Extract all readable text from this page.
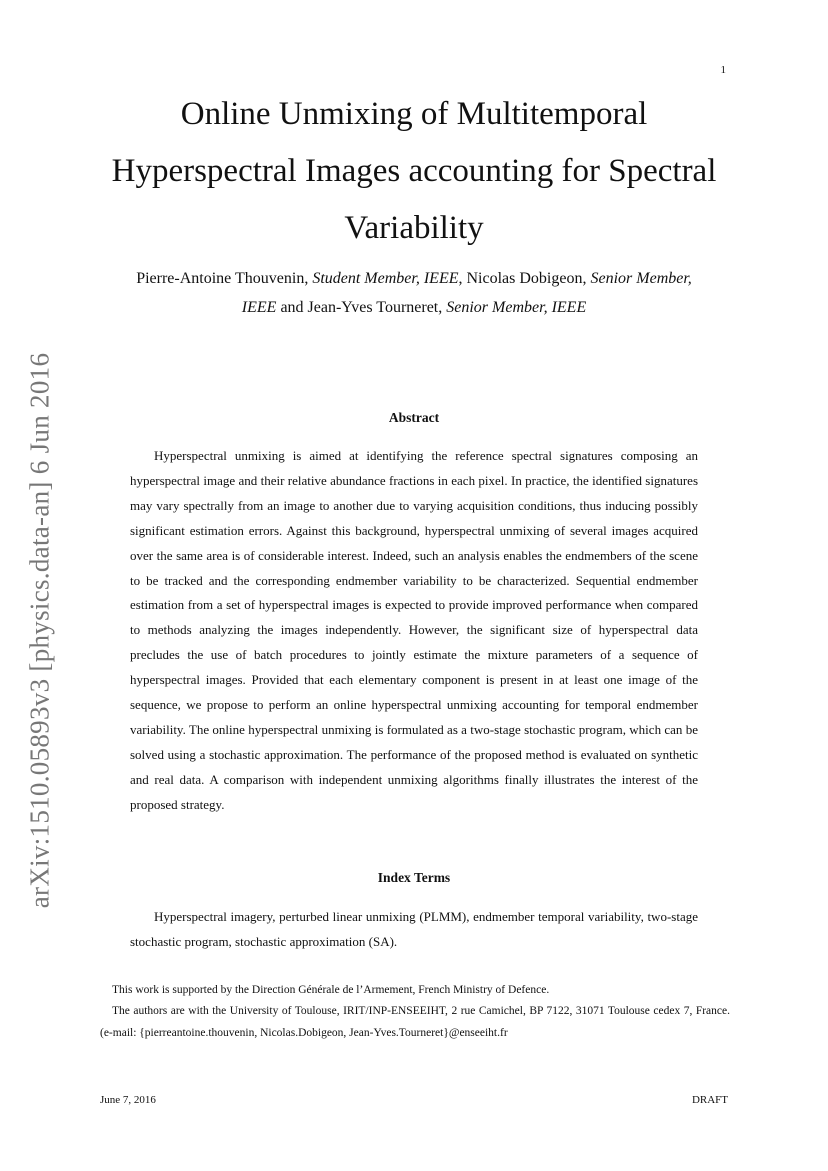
1
arXiv:1510.05893v3 [physics.data-an] 6 Jun 2016
Online Unmixing of Multitemporal Hyperspectral Images accounting for Spectral Variability
Pierre-Antoine Thouvenin, Student Member, IEEE, Nicolas Dobigeon, Senior Member, IEEE and Jean-Yves Tourneret, Senior Member, IEEE
Abstract

Hyperspectral unmixing is aimed at identifying the reference spectral signatures composing an hyperspectral image and their relative abundance fractions in each pixel. In practice, the identified signatures may vary spectrally from an image to another due to varying acquisition conditions, thus inducing possibly significant estimation errors. Against this background, hyperspectral unmixing of several images acquired over the same area is of considerable interest. Indeed, such an analysis enables the endmembers of the scene to be tracked and the corresponding endmember variability to be characterized. Sequential endmember estimation from a set of hyperspectral images is expected to provide improved performance when compared to methods analyzing the images independently. However, the significant size of hyperspectral data precludes the use of batch procedures to jointly estimate the mixture parameters of a sequence of hyperspectral images. Provided that each elementary component is present in at least one image of the sequence, we propose to perform an online hyperspectral unmixing accounting for temporal endmember variability. The online hyperspectral unmixing is formulated as a two-stage stochastic program, which can be solved using a stochastic approximation. The performance of the proposed method is evaluated on synthetic and real data. A comparison with independent unmixing algorithms finally illustrates the interest of the proposed strategy.

Index Terms

Hyperspectral imagery, perturbed linear unmixing (PLMM), endmember temporal variability, two-stage stochastic program, stochastic approximation (SA).

This work is supported by the Direction Générale de l’Armement, French Ministry of Defence.

The authors are with the University of Toulouse, IRIT/INP-ENSEEIHT, 2 rue Camichel, BP 7122, 31071 Toulouse cedex 7, France. (e-mail: {pierreantoine.thouvenin, Nicolas.Dobigeon, Jean-Yves.Tourneret}@enseeiht.fr

June 7, 2016	DRAFT
